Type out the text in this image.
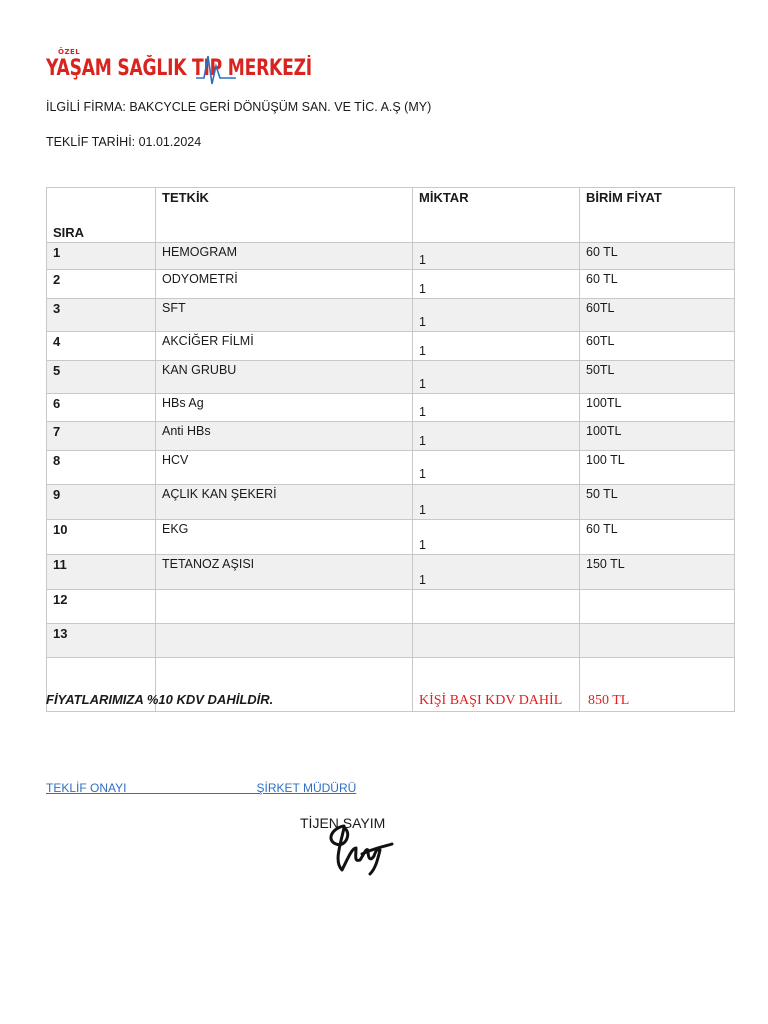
ÖZEL
YAŞAM SAĞLIK TIP MERKEZİ
İLGİLİ FİRMA: BAKCYCLE GERİ DÖNÜŞÜM SAN. VE TİC. A.Ş (MY)
TEKLİF TARİHİ: 01.01.2024
SIRA	TETKİK	MİKTAR	BİRİM FİYAT
1	HEMOGRAM	1	60 TL
2	ODYOMETRİ	1	60 TL
3	SFT	1	60TL
4	AKCİĞER FİLMİ	1	60TL
5	KAN GRUBU	1	50TL
6	HBs Ag	1	100TL
7	Anti HBs	1	100TL
8	HCV	1	100 TL
9	AÇLIK KAN ŞEKERİ	1	50 TL
10	EKG	1	60 TL
11	TETANOZ AŞISI	1	150 TL
12		

13		

		KİŞİ BAŞI KDV DAHİL	850 TL
FİYATLARIMIZA %10 KDV DAHİLDİR.
TEKLİF ONAYI	ŞİRKET MÜDÜRÜ
TİJEN SAYIM
